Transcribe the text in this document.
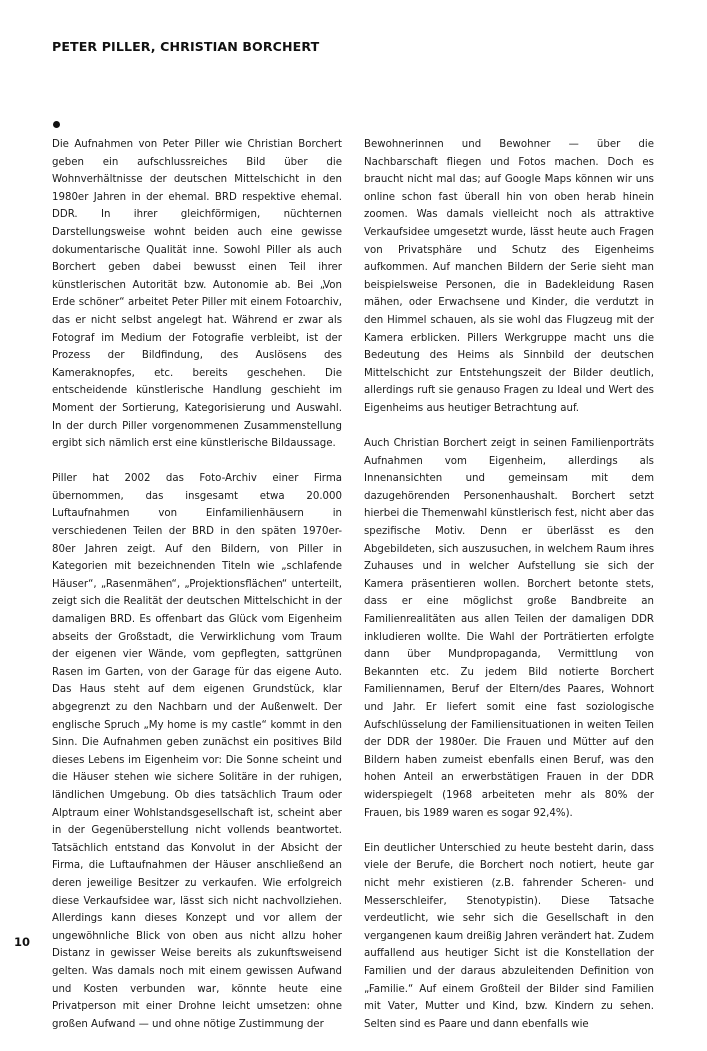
PETER PILLER, CHRISTIAN BORCHERT

Die Aufnahmen von Peter Piller wie Christian Borchert geben ein aufschlussreiches Bild über die Wohnverhältnisse der deutschen Mittelschicht in den 1980er Jahren in der ehemal. BRD respektive ehemal. DDR. In ihrer gleichförmigen, nüchternen Darstellungsweise wohnt beiden auch eine gewisse dokumentarische Qualität inne. Sowohl Piller als auch Borchert geben dabei bewusst einen Teil ihrer künstlerischen Autorität bzw. Autonomie ab. Bei „Von Erde schöner“ arbeitet Peter Piller mit einem Fotoarchiv, das er nicht selbst angelegt hat. Während er zwar als Fotograf im Medium der Fotografie verbleibt, ist der Prozess der Bildfindung, des Auslösens des Kameraknopfes, etc. bereits geschehen. Die entscheidende künstlerische Handlung geschieht im Moment der Sortierung, Kategorisierung und Auswahl. In der durch Piller vorgenommenen Zusammenstellung ergibt sich nämlich erst eine künstlerische Bildaussage.

Piller hat 2002 das Foto-Archiv einer Firma übernommen, das insgesamt etwa 20.000 Luftaufnahmen von Einfamilienhäusern in verschiedenen Teilen der BRD in den späten 1970er-80er Jahren zeigt. Auf den Bildern, von Piller in Kategorien mit bezeichnenden Titeln wie „schlafende Häuser“, „Rasenmähen“, „Projektionsflächen“ unterteilt, zeigt sich die Realität der deutschen Mittelschicht in der damaligen BRD. Es offenbart das Glück vom Eigenheim abseits der Großstadt, die Verwirklichung vom Traum der eigenen vier Wände, vom gepflegten, sattgrünen Rasen im Garten, von der Garage für das eigene Auto. Das Haus steht auf dem eigenen Grundstück, klar abgegrenzt zu den Nachbarn und der Außenwelt. Der englische Spruch „My home is my castle“ kommt in den Sinn. Die Aufnahmen geben zunächst ein positives Bild dieses Lebens im Eigenheim vor: Die Sonne scheint und die Häuser stehen wie sichere Solitäre in der ruhigen, ländlichen Umgebung. Ob dies tatsächlich Traum oder Alptraum einer Wohlstandsgesellschaft ist, scheint aber in der Gegenüberstellung nicht vollends beantwortet. Tatsächlich entstand das Konvolut in der Absicht der Firma, die Luftaufnahmen der Häuser anschließend an deren jeweilige Besitzer zu verkaufen. Wie erfolgreich diese Verkaufsidee war, lässt sich nicht nachvollziehen. Allerdings kann dieses Konzept und vor allem der ungewöhnliche Blick von oben aus nicht allzu hoher Distanz in gewisser Weise bereits als zukunftsweisend gelten. Was damals noch mit einem gewissen Aufwand und Kosten verbunden war, könnte heute eine Privatperson mit einer Drohne leicht umsetzen: ohne großen Aufwand — und ohne nötige Zustimmung der

Bewohnerinnen und Bewohner — über die Nachbarschaft fliegen und Fotos machen. Doch es braucht nicht mal das; auf Google Maps können wir uns online schon fast überall hin von oben herab hinein zoomen. Was damals vielleicht noch als attraktive Verkaufsidee umgesetzt wurde, lässt heute auch Fragen von Privatsphäre und Schutz des Eigenheims aufkommen. Auf manchen Bildern der Serie sieht man beispielsweise Personen, die in Badekleidung Rasen mähen, oder Erwachsene und Kinder, die verdutzt in den Himmel schauen, als sie wohl das Flugzeug mit der Kamera erblicken. Pillers Werkgruppe macht uns die Bedeutung des Heims als Sinnbild der deutschen Mittelschicht zur Entstehungszeit der Bilder deutlich, allerdings ruft sie genauso Fragen zu Ideal und Wert des Eigenheims aus heutiger Betrachtung auf.

Auch Christian Borchert zeigt in seinen Familienporträts Aufnahmen vom Eigenheim, allerdings als Innenansichten und gemeinsam mit dem dazugehörenden Personenhaushalt. Borchert setzt hierbei die Themenwahl künstlerisch fest, nicht aber das spezifische Motiv. Denn er überlässt es den Abgebildeten, sich auszusuchen, in welchem Raum ihres Zuhauses und in welcher Aufstellung sie sich der Kamera präsentieren wollen. Borchert betonte stets, dass er eine möglichst große Bandbreite an Familienrealitäten aus allen Teilen der damaligen DDR inkludieren wollte. Die Wahl der Porträtierten erfolgte dann über Mundpropaganda, Vermittlung von Bekannten etc. Zu jedem Bild notierte Borchert Familiennamen, Beruf der Eltern/des Paares, Wohnort und Jahr. Er liefert somit eine fast soziologische Aufschlüsselung der Familiensituationen in weiten Teilen der DDR der 1980er. Die Frauen und Mütter auf den Bildern haben zumeist ebenfalls einen Beruf, was den hohen Anteil an erwerbstätigen Frauen in der DDR widerspiegelt (1968 arbeiteten mehr als 80% der Frauen, bis 1989 waren es sogar 92,4%).

Ein deutlicher Unterschied zu heute besteht darin, dass viele der Berufe, die Borchert noch notiert, heute gar nicht mehr existieren (z.B. fahrender Scheren- und Messerschleifer, Stenotypistin). Diese Tatsache verdeutlicht, wie sehr sich die Gesellschaft in den vergangenen kaum dreißig Jahren verändert hat. Zudem auffallend aus heutiger Sicht ist die Konstellation der Familien und der daraus abzuleitenden Definition von „Familie.“ Auf einem Großteil der Bilder sind Familien mit Vater, Mutter und Kind, bzw. Kindern zu sehen. Selten sind es Paare und dann ebenfalls wie

10
